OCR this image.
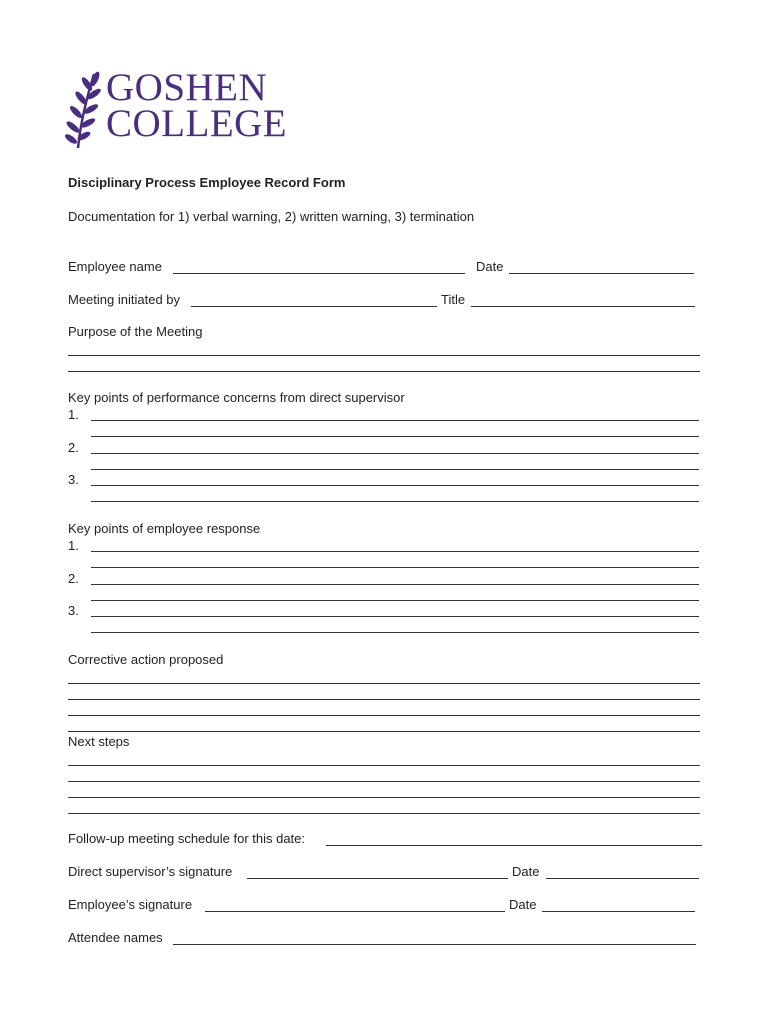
GOSHEN
COLLEGE
Disciplinary Process Employee Record Form
Documentation for 1) verbal warning, 2) written warning, 3) termination
Employee name	Date
Meeting initiated by	Title
Purpose of the Meeting
Key points of performance concerns from direct supervisor
1.
2.
3.
Key points of employee response
1.
2.
3.
Corrective action proposed
Next steps
Follow-up meeting schedule for this date:
Direct supervisor’s signature	Date
Employee’s signature	Date
Attendee names
